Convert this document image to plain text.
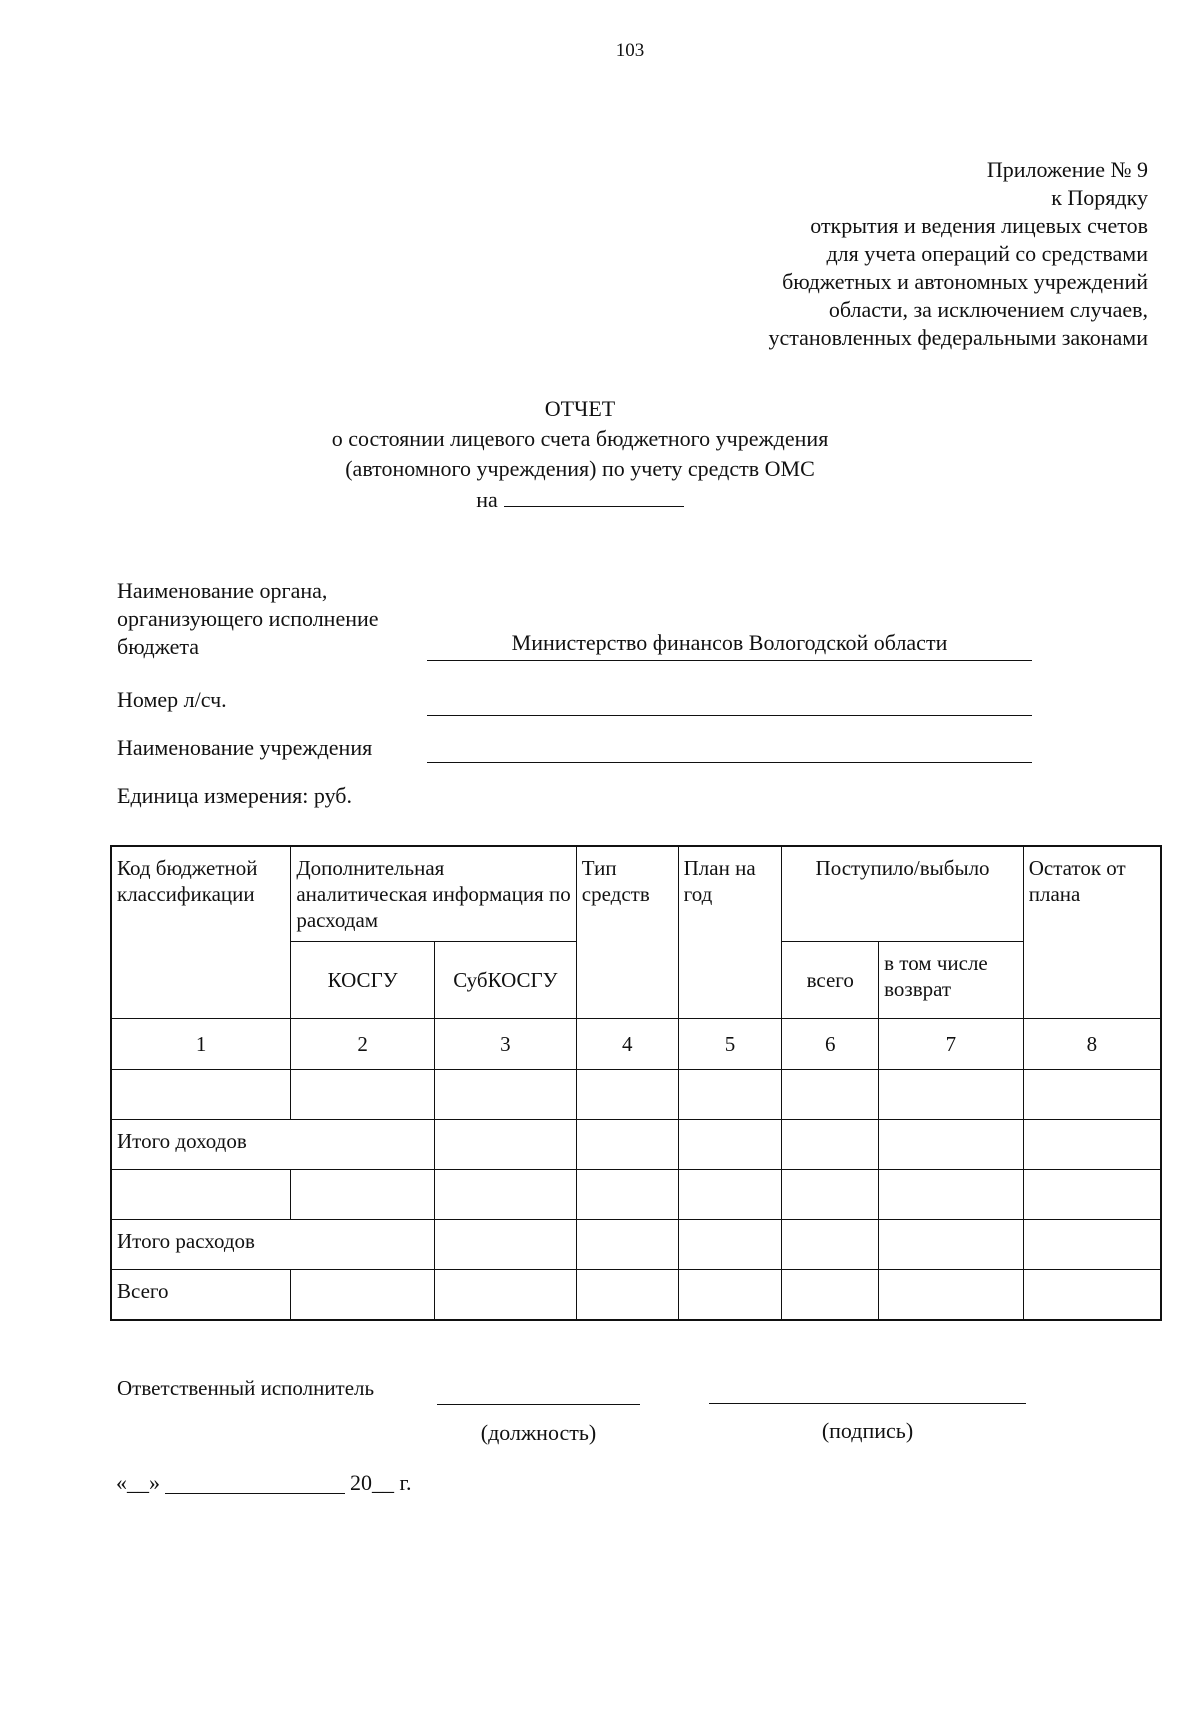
103
Приложение № 9
к Порядку
открытия и ведения лицевых счетов
для учета операций со средствами
бюджетных и автономных учреждений
области, за исключением случаев,
установленных федеральными законами
ОТЧЕТ
о состоянии лицевого счета бюджетного учреждения
(автономного учреждения) по учету средств ОМС
на
Наименование органа,
организующего исполнение
бюджета	Министерство финансов Вологодской области
Номер л/сч.
Наименование учреждения
Единица измерения: руб.
Код бюджетной классификации	Дополнительная аналитическая информация по расходам		Тип средств	План на год	Поступило/выбыло		Остаток от плана
	КОСГУ	СубКОСГУ			всего	в том числе возврат	
1	2	3	4	5	6	7	8

Итого доходов							

Итого расходов							
Всего							
Ответственный исполнитель
(должность)	(подпись)
«__»	20__ г.
